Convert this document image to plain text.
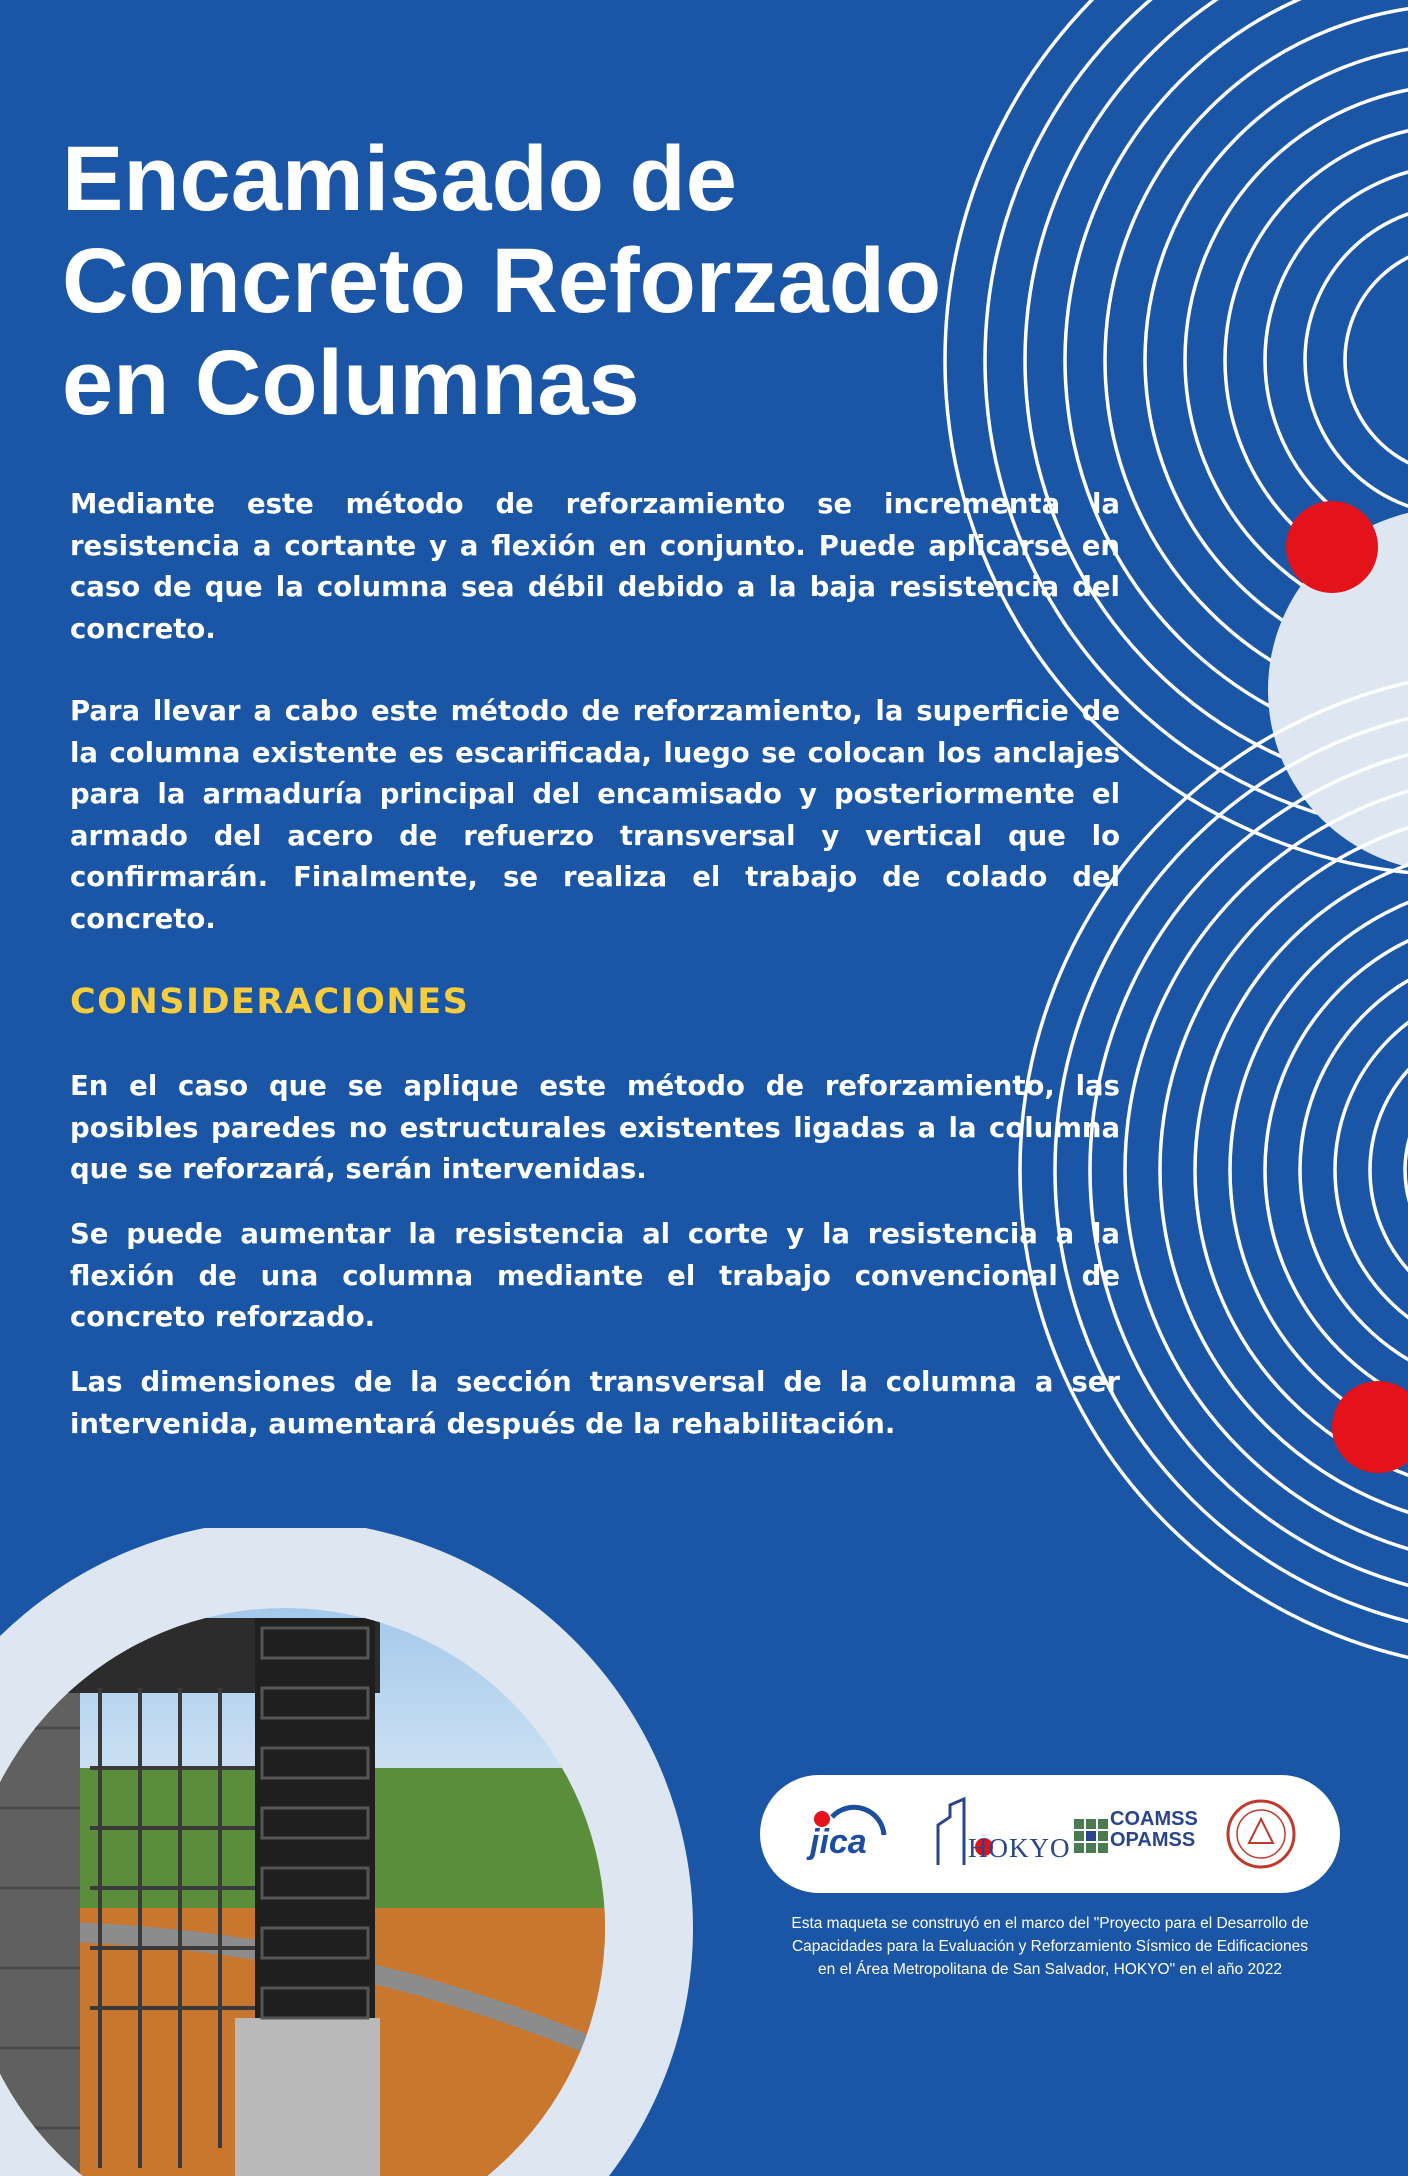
Encamisado de
Concreto Reforzado
en Columnas

Mediante este método de reforzamiento se incrementa la resistencia a cortante y a flexión en conjunto. Puede aplicarse en caso de que la columna sea débil debido a la baja resistencia del concreto.

Para llevar a cabo este método de reforzamiento, la superficie de la columna existente es escarificada, luego se colocan los anclajes para la armaduría principal del encamisado y posteriormente el armado del acero de refuerzo transversal y vertical que lo confirmarán. Finalmente, se realiza el trabajo de colado del concreto.

CONSIDERACIONES

En el caso que se aplique este método de reforzamiento, las posibles paredes no estructurales existentes ligadas a la columna que se reforzará, serán intervenidas.

Se puede aumentar la resistencia al corte y la resistencia a la flexión de una columna mediante el trabajo convencional de concreto reforzado.

Las dimensiones de la sección transversal de la columna a ser intervenida, aumentará después de la rehabilitación.

jica	HOKYO
COAMSS
OPAMSS

Esta maqueta se construyó en el marco del "Proyecto para el Desarrollo de Capacidades para la Evaluación y Reforzamiento Sísmico de Edificaciones en el Área Metropolitana de San Salvador, HOKYO" en el año 2022
